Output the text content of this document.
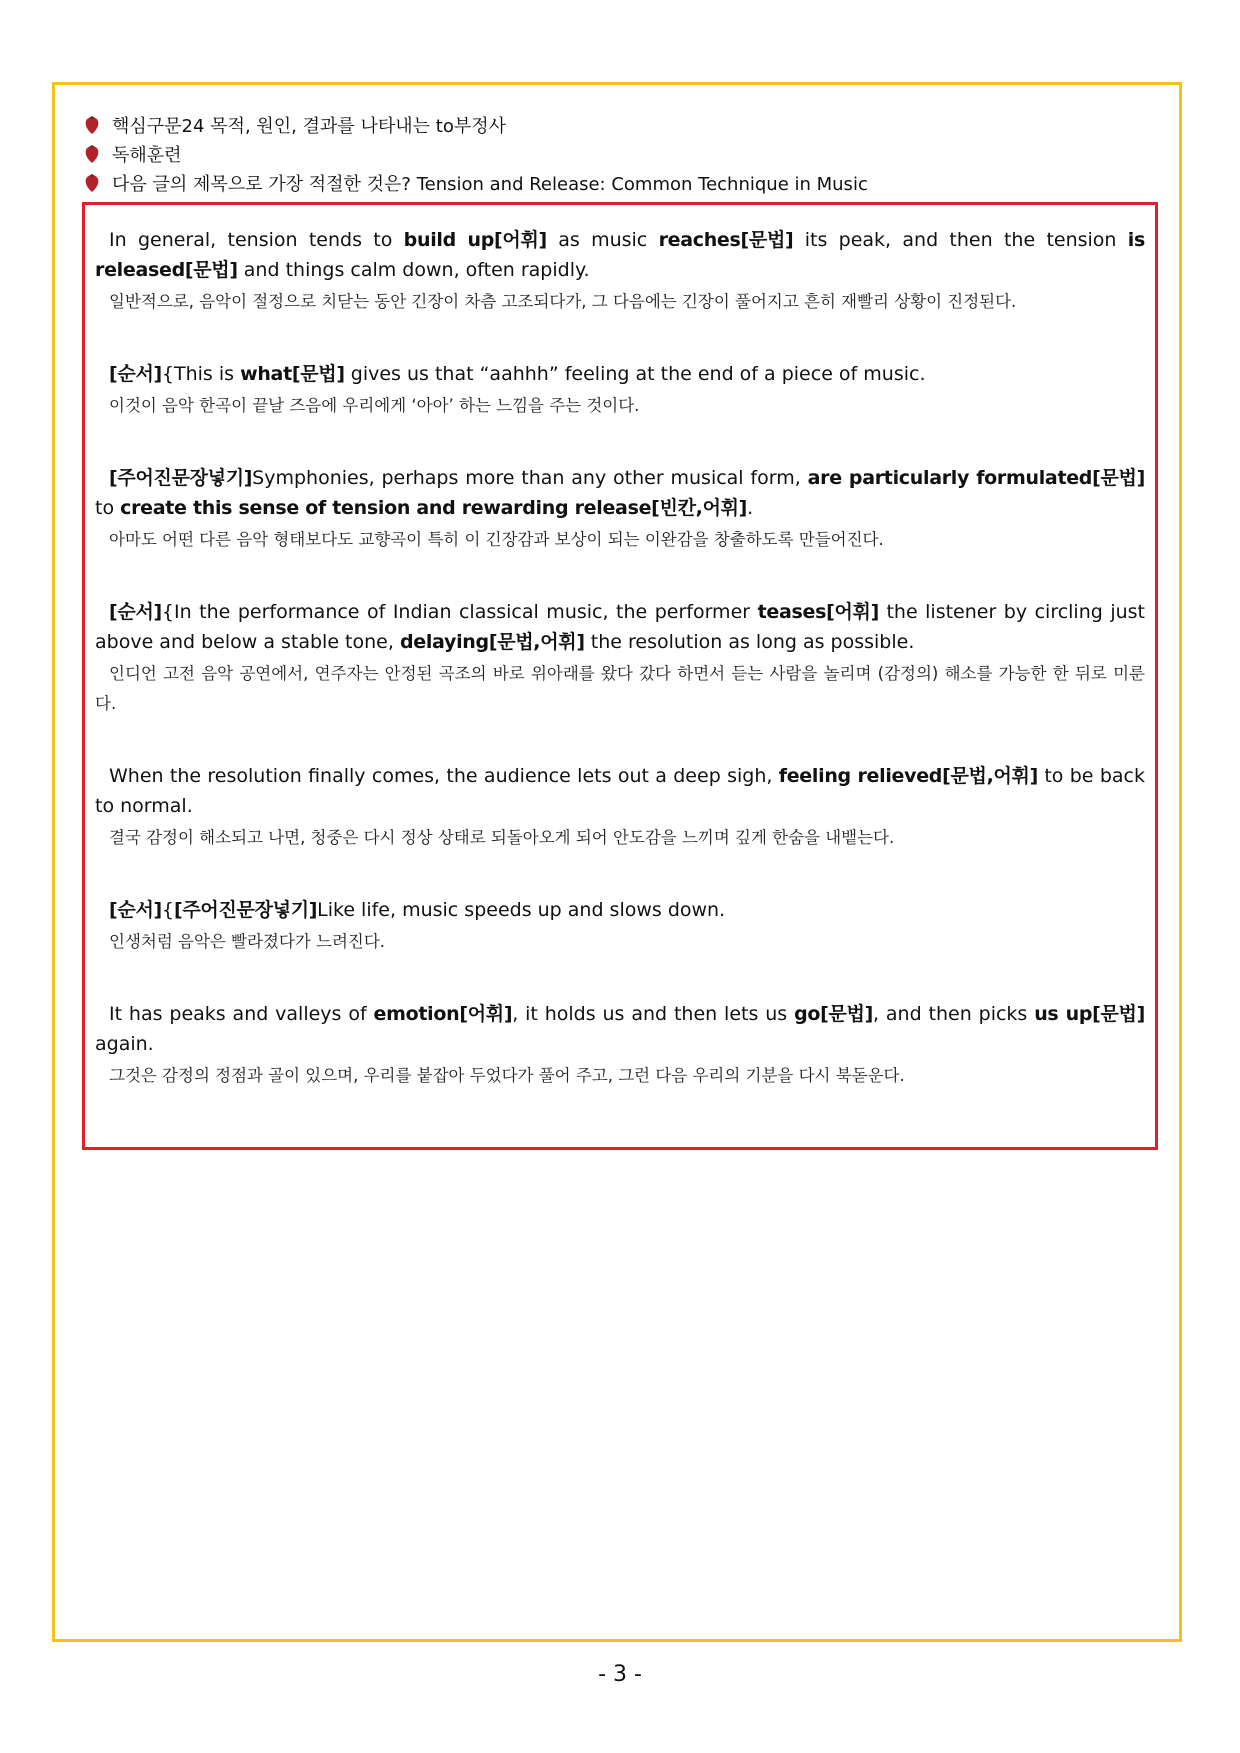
핵심구문24 목적, 원인, 결과를 나타내는 to부정사
독해훈련
다음 글의 제목으로 가장 적절한 것은? Tension and Release: Common Technique in Music

In general, tension tends to build up[어휘] as music reaches[문법] its peak, and then the tension is released[문법] and things calm down, often rapidly.

일반적으로, 음악이 절정으로 치닫는 동안 긴장이 차츰 고조되다가, 그 다음에는 긴장이 풀어지고 흔히 재빨리 상황이 진정된다.

[순서]{This is what[문법] gives us that “aahhh” feeling at the end of a piece of music.

이것이 음악 한곡이 끝날 즈음에 우리에게 ‘아아’ 하는 느낌을 주는 것이다.

[주어진문장넣기]Symphonies, perhaps more than any other musical form, are particularly formulated[문법] to create this sense of tension and rewarding release[빈칸,어휘].

아마도 어떤 다른 음악 형태보다도 교향곡이 특히 이 긴장감과 보상이 되는 이완감을 창출하도록 만들어진다.

[순서]{In the performance of Indian classical music, the performer teases[어휘] the listener by circling just above and below a stable tone, delaying[문법,어휘] the resolution as long as possible.

인디언 고전 음악 공연에서, 연주자는 안정된 곡조의 바로 위아래를 왔다 갔다 하면서 듣는 사람을 놀리며 (감정의) 해소를 가능한 한 뒤로 미룬다.

When the resolution finally comes, the audience lets out a deep sigh, feeling relieved[문법,어휘] to be back to normal.

결국 감정이 해소되고 나면, 청중은 다시 정상 상태로 되돌아오게 되어 안도감을 느끼며 깊게 한숨을 내뱉는다.

[순서]{[주어진문장넣기]Like life, music speeds up and slows down.

인생처럼 음악은 빨라졌다가 느려진다.

It has peaks and valleys of emotion[어휘], it holds us and then lets us go[문법], and then picks us up[문법] again.

그것은 감정의 정점과 골이 있으며, 우리를 붙잡아 두었다가 풀어 주고, 그런 다음 우리의 기분을 다시 북돋운다.

- 3 -
